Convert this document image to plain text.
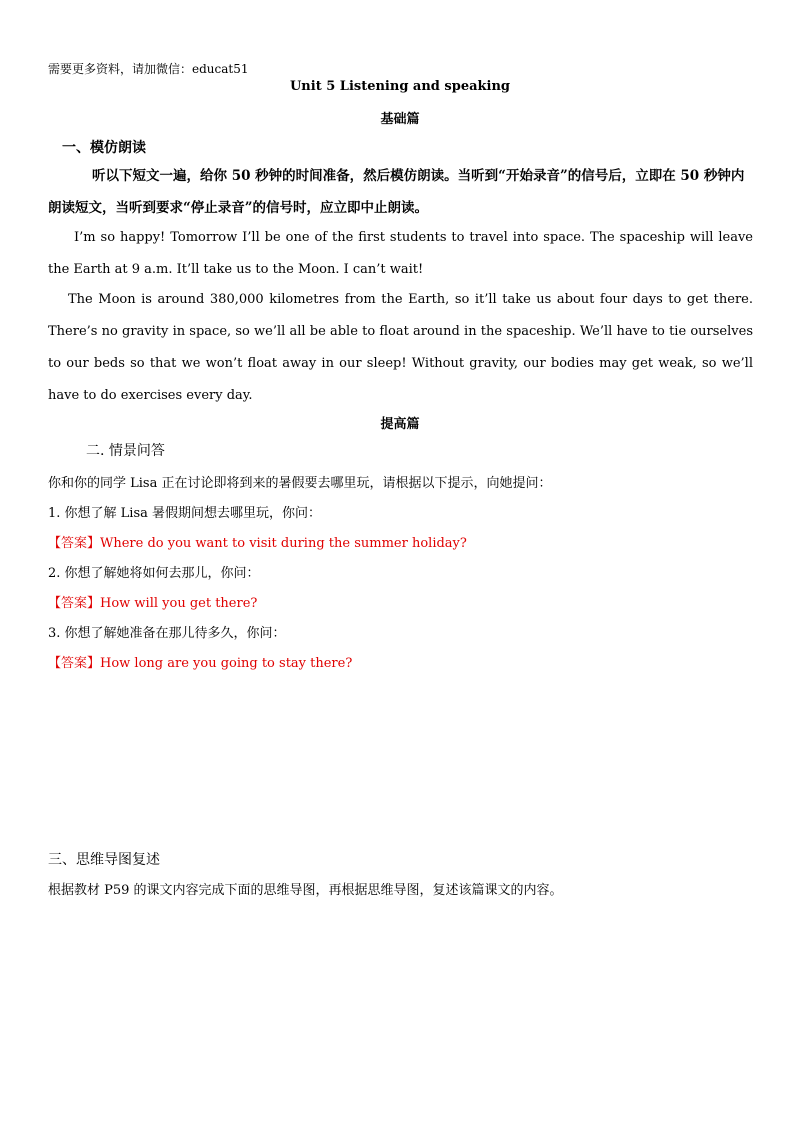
需要更多资料，请加微信：educat51
Unit 5 Listening and speaking
基础篇
一、模仿朗读
听以下短文一遍，给你 50 秒钟的时间准备，然后模仿朗读。当听到“开始录音”的信号后，立即在 50 秒钟内朗读短文，当听到要求“停止录音”的信号时，应立即中止朗读。
I’m so happy! Tomorrow I’ll be one of the first students to travel into space. The spaceship will leave the Earth at 9 a.m. It’ll take us to the Moon. I can’t wait!
The Moon is around 380,000 kilometres from the Earth, so it’ll take us about four days to get there. There’s no gravity in space, so we’ll all be able to float around in the spaceship. We’ll have to tie ourselves to our beds so that we won’t float away in our sleep! Without gravity, our bodies may get weak, so we’ll have to do exercises every day.
提高篇
二. 情景问答
你和你的同学 Lisa 正在讨论即将到来的暑假要去哪里玩，请根据以下提示，向她提问：
1. 你想了解 Lisa 暑假期间想去哪里玩，你问：
【答案】Where do you want to visit during the summer holiday?
2. 你想了解她将如何去那儿，你问：
【答案】How will you get there?
3. 你想了解她准备在那儿待多久，你问：
【答案】How long are you going to stay there?
三、思维导图复述
根据教材 P59 的课文内容完成下面的思维导图，再根据思维导图，复述该篇课文的内容。
